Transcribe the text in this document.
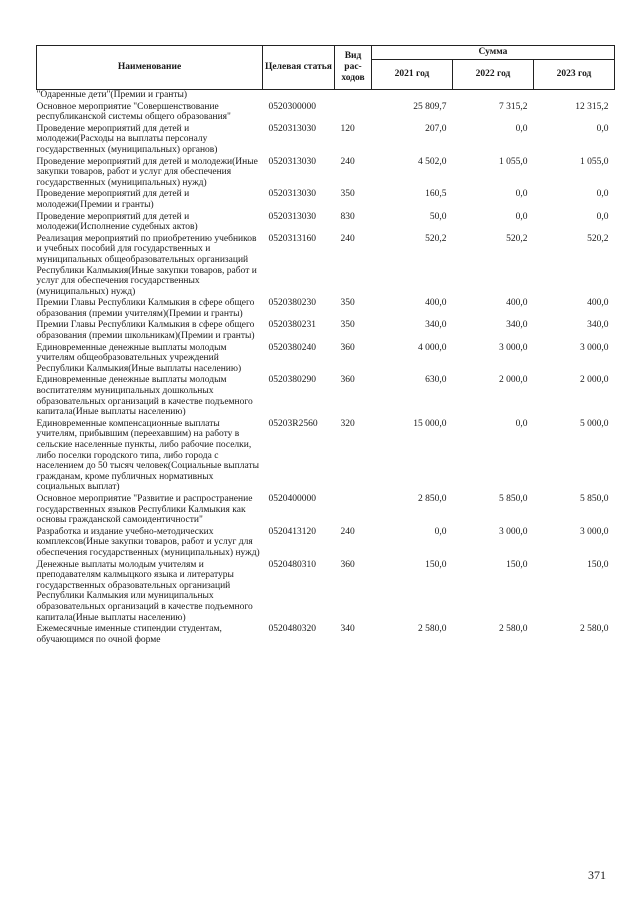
Наименование	Целевая статья	Вид рас-ходов	Сумма		
			2021 год	2022 год	2023 год
"Одаренные дети"(Премии и гранты)					
Основное мероприятие "Совершенствование республиканской системы общего образования"	0520300000		25 809,7	7 315,2	12 315,2
Проведение мероприятий для детей и молодежи(Расходы на выплаты персоналу государственных (муниципальных) органов)	0520313030	120	207,0	0,0	0,0
Проведение мероприятий для детей и молодежи(Иные закупки товаров, работ и услуг для обеспечения государственных (муниципальных) нужд)	0520313030	240	4 502,0	1 055,0	1 055,0
Проведение мероприятий для детей и молодежи(Премии и гранты)	0520313030	350	160,5	0,0	0,0
Проведение мероприятий для детей и молодежи(Исполнение судебных актов)	0520313030	830	50,0	0,0	0,0
Реализация мероприятий по приобретению учебников и учебных пособий для государственных и муниципальных общеобразовательных организаций Республики Калмыкия(Иные закупки товаров, работ и услуг для обеспечения государственных (муниципальных) нужд)	0520313160	240	520,2	520,2	520,2
Премии Главы Республики Калмыкия в сфере общего образования (премии учителям)(Премии и гранты)	0520380230	350	400,0	400,0	400,0
Премии Главы Республики Калмыкия в сфере общего образования (премии школьникам)(Премии и гранты)	0520380231	350	340,0	340,0	340,0
Единовременные денежные выплаты молодым учителям общеобразовательных учреждений Республики Калмыкия(Иные выплаты населению)	0520380240	360	4 000,0	3 000,0	3 000,0
Единовременные денежные выплаты молодым воспитателям муниципальных дошкольных образовательных организаций в качестве подъемного капитала(Иные выплаты населению)	0520380290	360	630,0	2 000,0	2 000,0
Единовременные компенсационные выплаты учителям, прибывшим (переехавшим) на работу в сельские населенные пункты, либо рабочие поселки, либо поселки городского типа, либо города с населением до 50 тысяч человек(Социальные выплаты гражданам, кроме публичных нормативных социальных выплат)	05203R2560	320	15 000,0	0,0	5 000,0
Основное мероприятие "Развитие и распространение государственных языков Республики Калмыкия как основы гражданской самоидентичности"	0520400000		2 850,0	5 850,0	5 850,0
Разработка и издание учебно-методических комплексов(Иные закупки товаров, работ и услуг для обеспечения государственных (муниципальных) нужд)	0520413120	240	0,0	3 000,0	3 000,0
Денежные выплаты молодым учителям и преподавателям калмыцкого языка и литературы государственных образовательных организаций Республики Калмыкия или муниципальных образовательных организаций в качестве подъемного капитала(Иные выплаты населению)	0520480310	360	150,0	150,0	150,0
Ежемесячные именные стипендии студентам, обучающимся по очной форме	0520480320	340	2 580,0	2 580,0	2 580,0
371
